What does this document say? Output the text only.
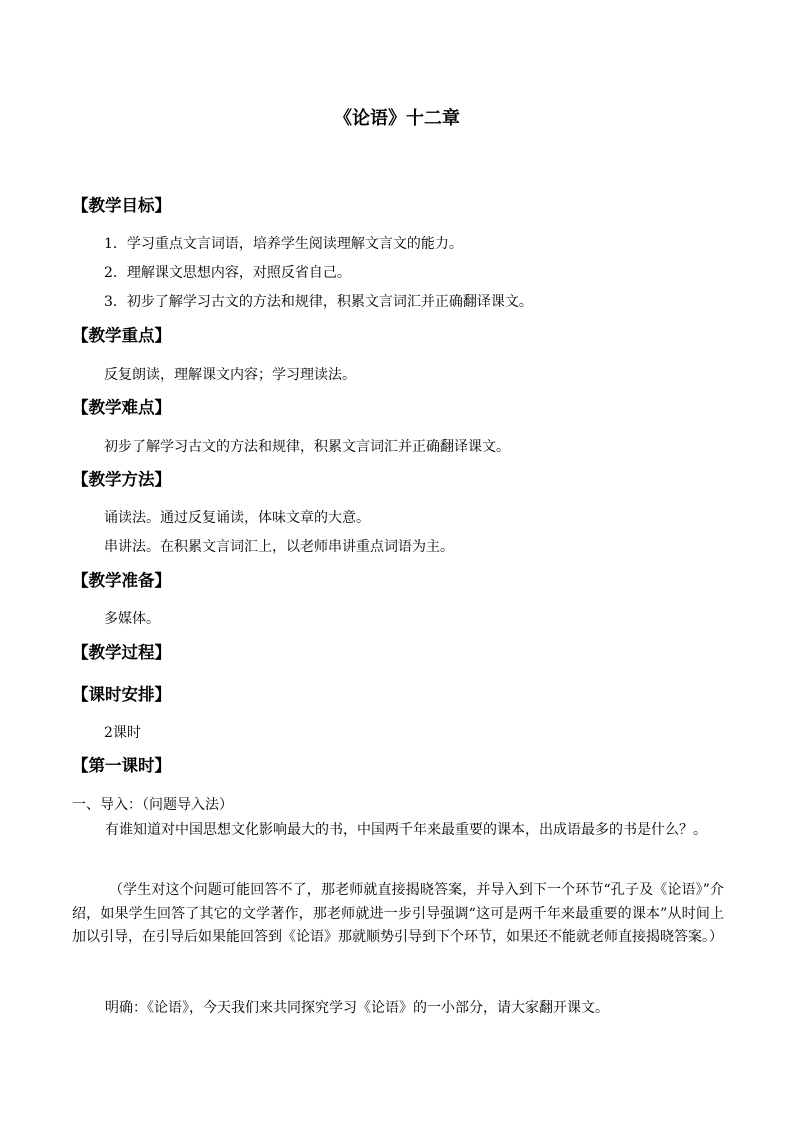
《论语》十二章
【教学目标】
1．学习重点文言词语，培养学生阅读理解文言文的能力。
2．理解课文思想内容，对照反省自己。
3．初步了解学习古文的方法和规律，积累文言词汇并正确翻译课文。
【教学重点】
反复朗读，理解课文内容；学习理读法。
【教学难点】
初步了解学习古文的方法和规律，积累文言词汇并正确翻译课文。
【教学方法】
诵读法。通过反复诵读，体味文章的大意。
串讲法。在积累文言词汇上，以老师串讲重点词语为主。
【教学准备】
多媒体。
【教学过程】
【课时安排】
2课时
【第一课时】
一、导入：（问题导入法）
有谁知道对中国思想文化影响最大的书，中国两千年来最重要的课本，出成语最多的书是什么？。
（学生对这个问题可能回答不了，那老师就直接揭晓答案，并导入到下一个环节“孔子及《论语》”介绍，如果学生回答了其它的文学著作，那老师就进一步引导强调“这可是两千年来最重要的课本”从时间上加以引导，在引导后如果能回答到《论语》那就顺势引导到下个环节，如果还不能就老师直接揭晓答案。）
明确：《论语》，今天我们来共同探究学习《论语》的一小部分，请大家翻开课文。
